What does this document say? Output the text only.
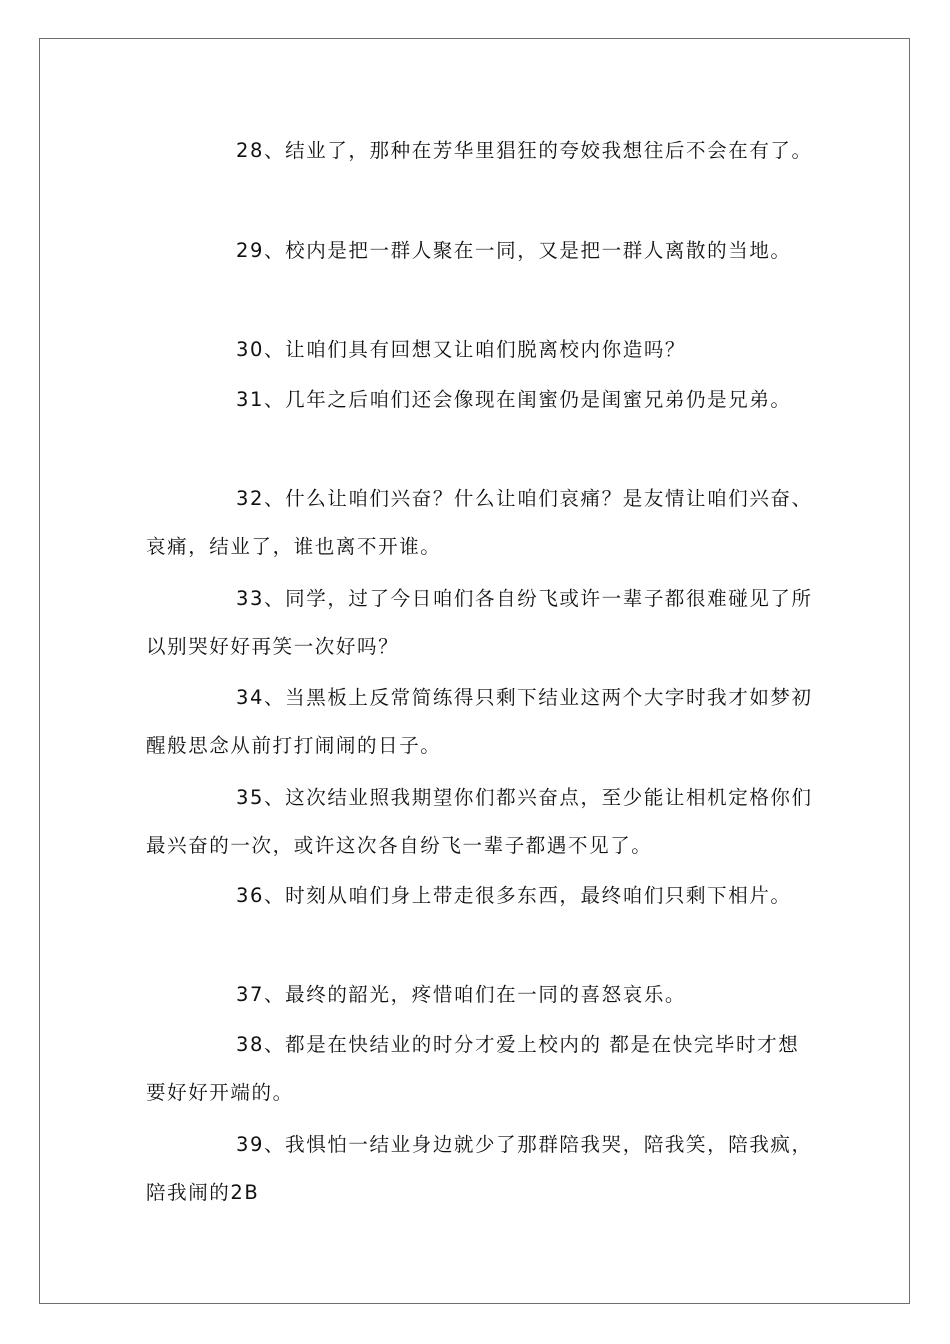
28、结业了，那种在芳华里猖狂的夸姣我想往后不会在有了。

29、校内是把一群人聚在一同，又是把一群人离散的当地。

30、让咱们具有回想又让咱们脱离校内你造吗？

31、几年之后咱们还会像现在闺蜜仍是闺蜜兄弟仍是兄弟。

32、什么让咱们兴奋？什么让咱们哀痛？是友情让咱们兴奋、哀痛，结业了，谁也离不开谁。

33、同学，过了今日咱们各自纷飞或许一辈子都很难碰见了所以别哭好好再笑一次好吗？

34、当黑板上反常简练得只剩下结业这两个大字时我才如梦初醒般思念从前打打闹闹的日子。

35、这次结业照我期望你们都兴奋点，至少能让相机定格你们最兴奋的一次，或许这次各自纷飞一辈子都遇不见了。

36、时刻从咱们身上带走很多东西，最终咱们只剩下相片。

37、最终的韶光，疼惜咱们在一同的喜怒哀乐。

38、都是在快结业的时分才爱上校内的 都是在快完毕时才想要好好开端的。

39、我惧怕一结业身边就少了那群陪我哭，陪我笑，陪我疯，陪我闹的2B
